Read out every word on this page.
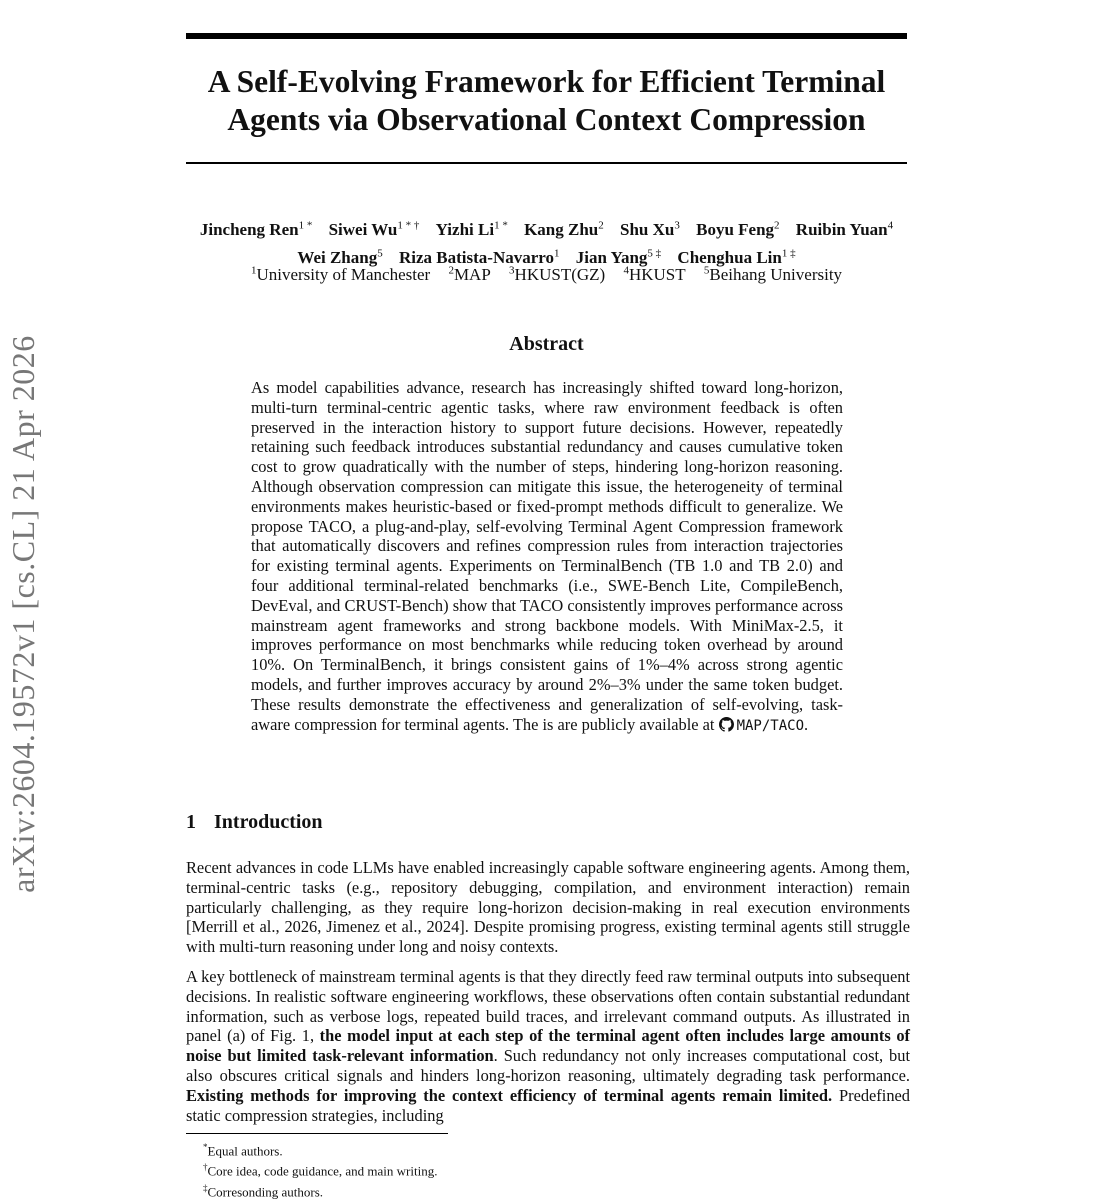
arXiv:2604.19572v1 [cs.CL] 21 Apr 2026
A Self-Evolving Framework for Efficient Terminal
Agents via Observational Context Compression
Jincheng Ren$^{1 *}$ Siwei $Wu^{1 * \dagger}$ Yizhi $Li^{1 *}$ Kang Zhu$^2$ Shu Xu$^3$ Boyu Feng$^2$ Ruibin Yuan$^4$
Wei Zhang$^5$ Riza Batista-Navarro$^1$ Jian Yang$^{5 \ddagger}$ Chenghua Lin$^{1 \ddagger}$
$^1$University of Manchester $^2$MAP $^3$HKUST(GZ) $^4$HKUST $^5$Beihang University
Abstract
As model capabilities advance, research has increasingly shifted toward long-horizon, multi-turn terminal-centric agentic tasks, where raw environment feedback is often preserved in the interaction history to support future decisions. However, repeatedly retaining such feedback introduces substantial redundancy and causes cumulative token cost to grow quadratically with the number of steps, hindering long-horizon reasoning. Although observation compression can mitigate this issue, the heterogeneity of terminal environments makes heuristic-based or fixed-prompt methods difficult to generalize. We propose TACO, a plug-and-play, self-evolving Terminal Agent Compression framework that automatically discovers and refines compression rules from interaction trajectories for existing terminal agents. Experiments on TerminalBench (TB 1.0 and TB 2.0) and four additional terminal-related benchmarks (i.e., SWE-Bench Lite, CompileBench, DevEval, and CRUST-Bench) show that TACO consistently improves performance across mainstream agent frameworks and strong backbone models. With MiniMax-2.5, it improves performance on most benchmarks while reducing token overhead by around 10%. On TerminalBench, it brings consistent gains of 1%–4% across strong agentic models, and further improves accuracy by around 2%–3% under the same token budget. These results demonstrate the effectiveness and generalization of self-evolving, task-aware compression for terminal agents. The is are publicly available at MAP/TACO.
1 Introduction
Recent advances in code LLMs have enabled increasingly capable software engineering agents. Among them, terminal-centric tasks (e.g., repository debugging, compilation, and environment interaction) remain particularly challenging, as they require long-horizon decision-making in real execution environments [Merrill et al., 2026, Jimenez et al., 2024]. Despite promising progress, existing terminal agents still struggle with multi-turn reasoning under long and noisy contexts.
A key bottleneck of mainstream terminal agents is that they directly feed raw terminal outputs into subsequent decisions. In realistic software engineering workflows, these observations often contain substantial redundant information, such as verbose logs, repeated build traces, and irrelevant command outputs. As illustrated in panel (a) of Fig. 1, the model input at each step of the terminal agent often includes large amounts of noise but limited task-relevant information. Such redundancy not only increases computational cost, but also obscures critical signals and hinders long-horizon reasoning, ultimately degrading task performance. Existing methods for improving the context efficiency of terminal agents remain limited. Predefined static compression strategies, including
*Equal authors.
†Core idea, code guidance, and main writing.
‡Corresonding authors.
